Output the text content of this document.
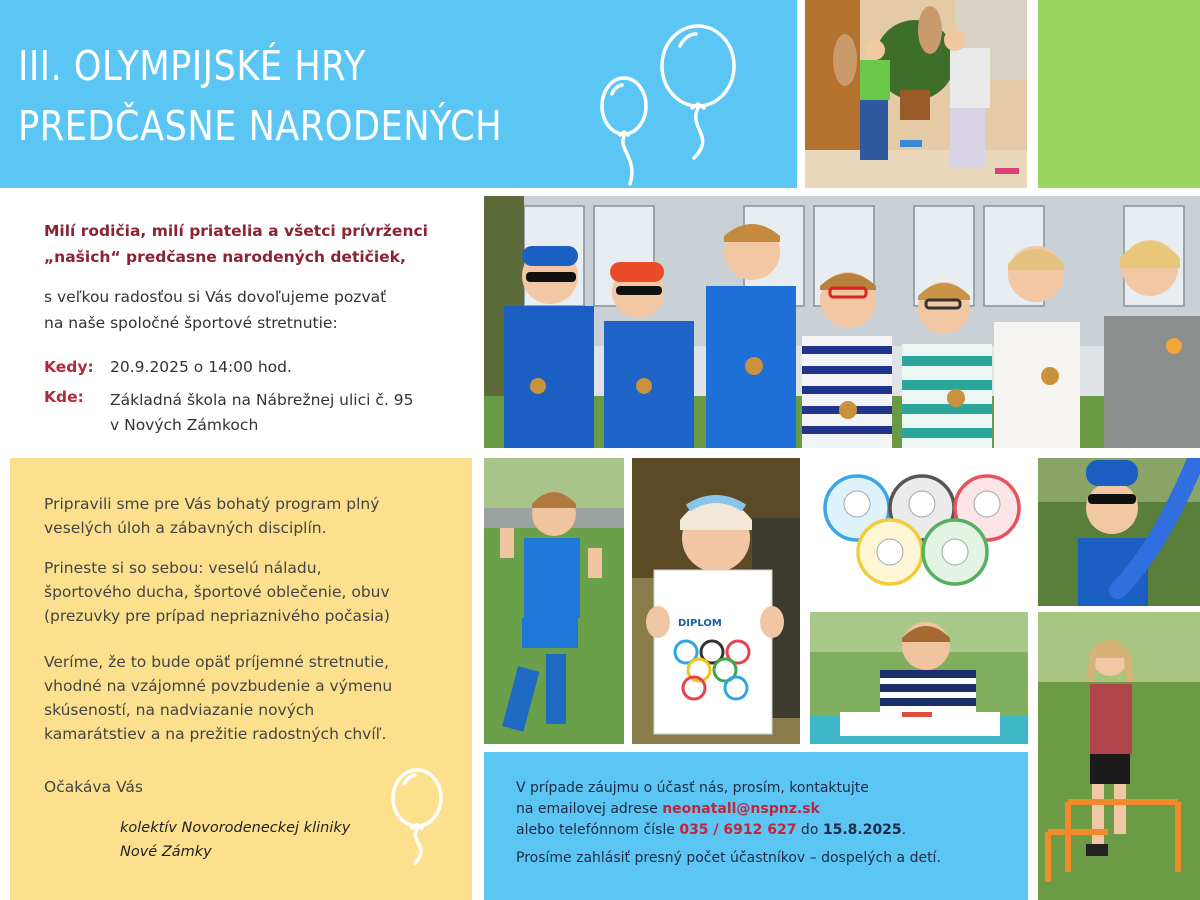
III. OLYMPIJSKÉ HRY
PREDČASNE NARODENÝCH
Milí rodičia, milí priatelia a všetci prívrženci
„našich“ predčasne narodených detičiek,
s veľkou radosťou si Vás dovoľujeme pozvať
na naše spoločné športové stretnutie:
Kedy: 20.9.2025 o 14:00 hod.
Kde: Základná škola na Nábrežnej ulici č. 95
v Nových Zámkoch
Pripravili sme pre Vás bohatý program plný
veselých úloh a zábavných disciplín.
Prineste si so sebou: veselú náladu,
športového ducha, športové oblečenie, obuv
(prezuvky pre prípad nepriaznivého počasia)
Veríme, že to bude opäť príjemné stretnutie,
vhodné na vzájomné povzbudenie a výmenu
skúseností, na nadviazanie nových
kamarátstiev a na prežitie radostných chvíľ.
Očakáva Vás
kolektív Novorodeneckej kliniky
Nové Zámky
DIPLOM
V prípade záujmu o účasť nás, prosím, kontaktujte
na emailovej adrese neonatall@nspnz.sk
alebo telefónnom čísle 035 / 6912 627 do 15.8.2025.
Prosíme zahlásiť presný počet účastníkov – dospelých a detí.
